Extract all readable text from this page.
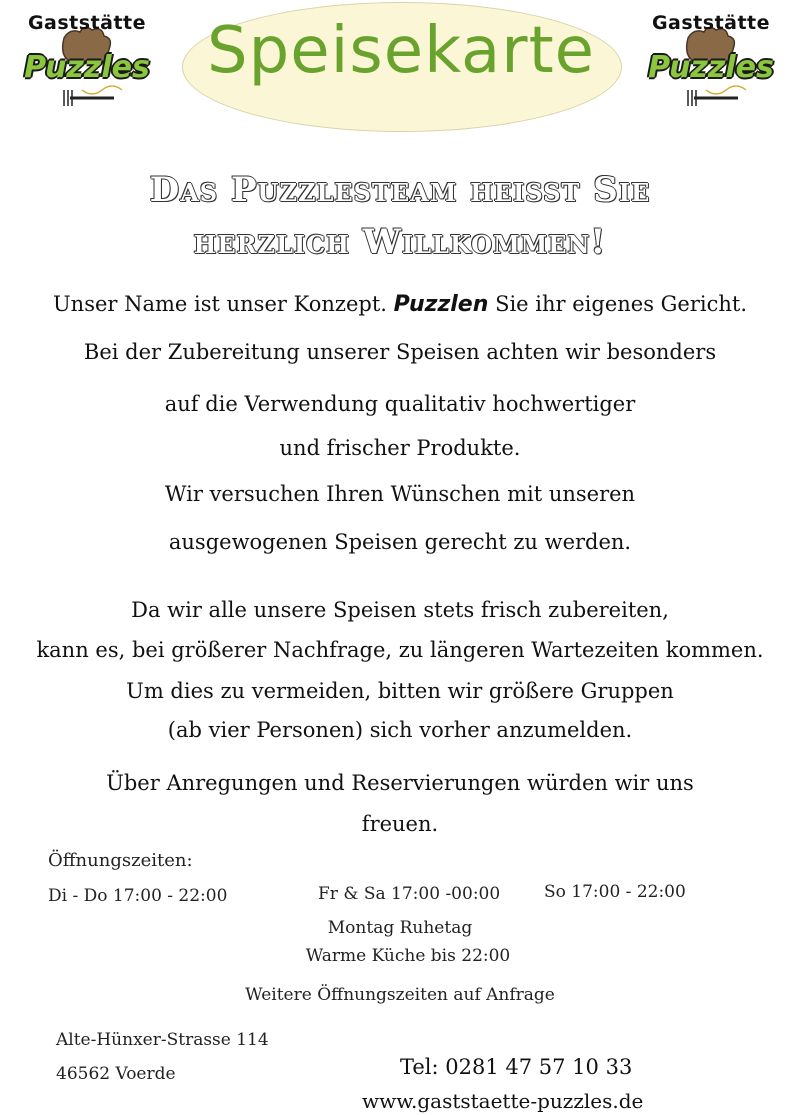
Gaststätte
Puzzles
Gaststätte
Puzzles
Speisekarte
Das Puzzlesteam heisst Sie
herzlich Willkommen!
Unser Name ist unser Konzept. Puzzlen Sie ihr eigenes Gericht.
Bei der Zubereitung unserer Speisen achten wir besonders
auf die Verwendung qualitativ hochwertiger
und frischer Produkte.
Wir versuchen Ihren Wünschen mit unseren
ausgewogenen Speisen gerecht zu werden.
Da wir alle unsere Speisen stets frisch zubereiten,
kann es, bei größerer Nachfrage, zu längeren Wartezeiten kommen.
Um dies zu vermeiden, bitten wir größere Gruppen
(ab vier Personen) sich vorher anzumelden.
Über Anregungen und Reservierungen würden wir uns
freuen.
Öffnungszeiten:
Di - Do 17:00 - 22:00	Fr & Sa 17:00 -00:00	So 17:00 - 22:00
Montag Ruhetag
Warme Küche bis 22:00
Weitere Öffnungszeiten auf Anfrage
Alte-Hünxer-Strasse 114
46562 Voerde	Tel: 0281 47 57 10 33
www.gaststaette-puzzles.de
